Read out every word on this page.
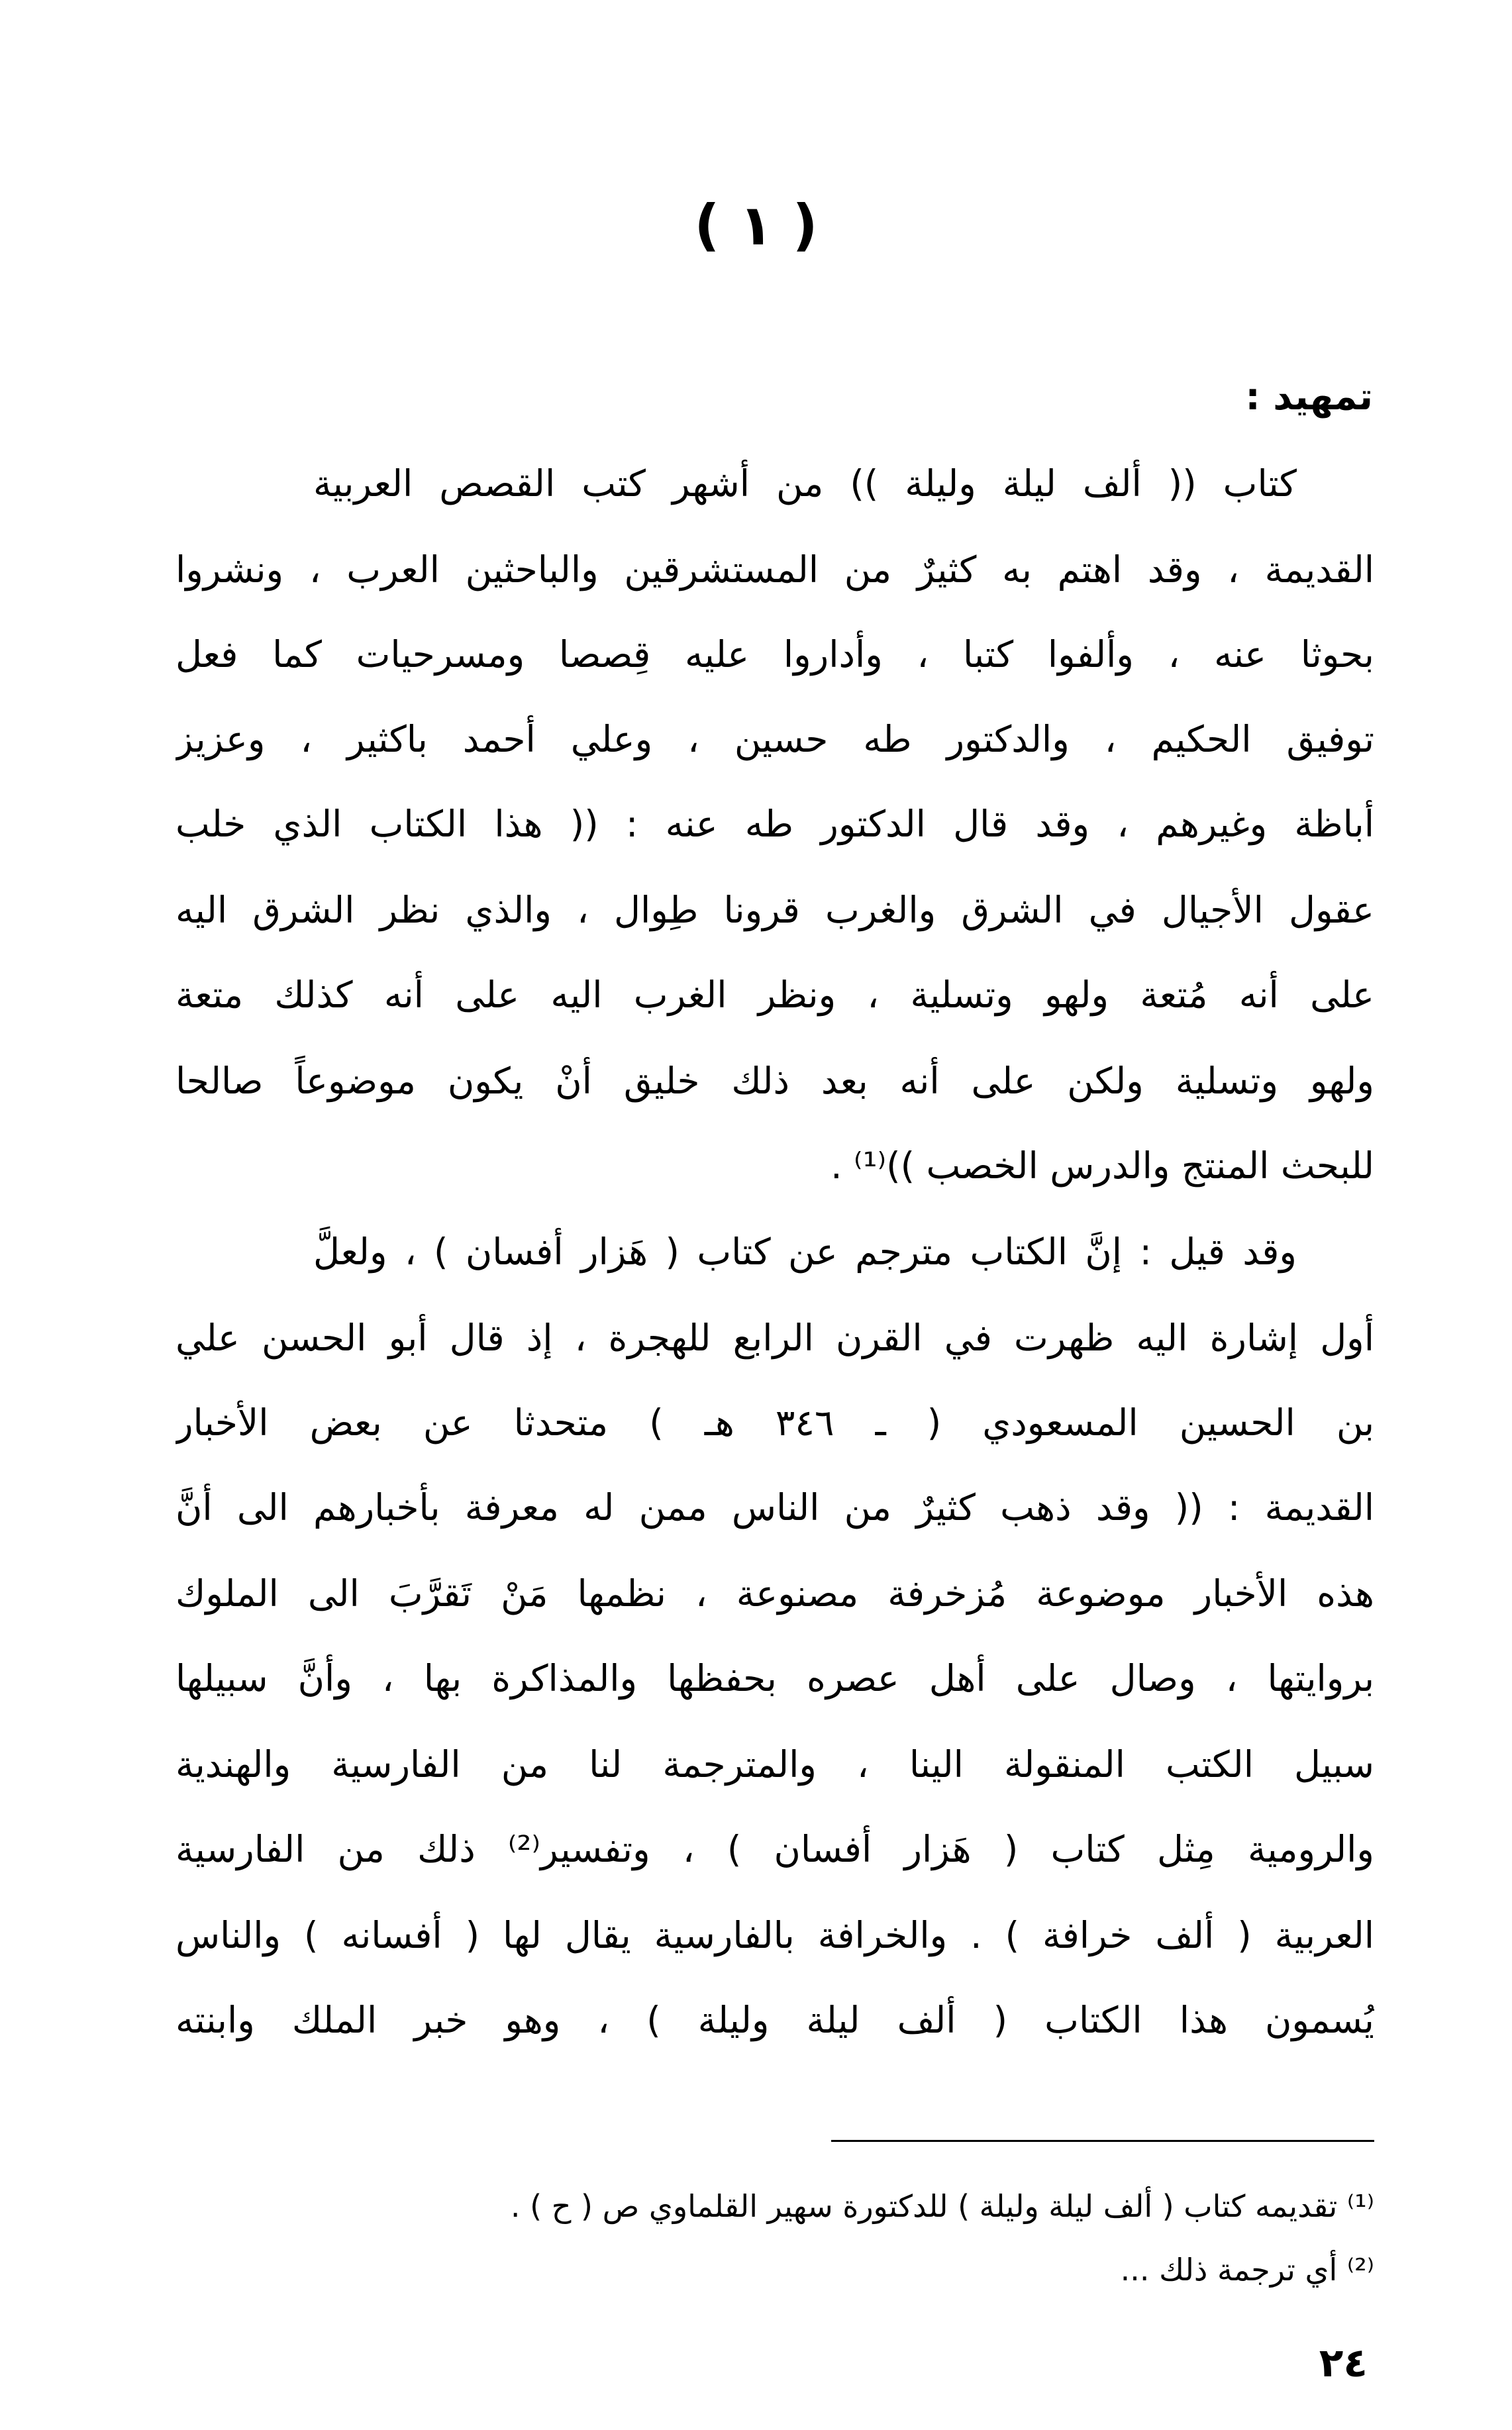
( ١ )
تمهيد :
كتاب (( ألف ليلة وليلة )) من أشهر كتب القصص العربية
القديمة ، وقد اهتم به كثيرٌ من المستشرقين والباحثين العرب ، ونشروا
بحوثا عنه ، وألفوا كتبا ، وأداروا عليه قِصصا ومسرحيات كما فعل
توفيق الحكيم ، والدكتور طه حسين ، وعلي أحمد باكثير ، وعزيز
أباظة وغيرهم ، وقد قال الدكتور طه عنه : (( هذا الكتاب الذي خلب
عقول الأجيال في الشرق والغرب قرونا طِوال ، والذي نظر الشرق اليه
على أنه مُتعة ولهو وتسلية ، ونظر الغرب اليه على أنه كذلك متعة
ولهو وتسلية ولكن على أنه بعد ذلك خليق أنْ يكون موضوعاً صالحا
للبحث المنتج والدرس الخصب ))⁽¹⁾ .
وقد قيل : إنَّ الكتاب مترجم عن كتاب ( هَزار أفسان ) ، ولعلَّ
أول إشارة اليه ظهرت في القرن الرابع للهجرة ، إذ قال أبو الحسن علي
بن الحسين المسعودي ( ـ ٣٤٦ هـ ) متحدثا عن بعض الأخبار
القديمة : (( وقد ذهب كثيرٌ من الناس ممن له معرفة بأخبارهم الى أنَّ
هذه الأخبار موضوعة مُزخرفة مصنوعة ، نظمها مَنْ تَقرَّبَ الى الملوك
بروايتها ، وصال على أهل عصره بحفظها والمذاكرة بها ، وأنَّ سبيلها
سبيل الكتب المنقولة الينا ، والمترجمة لنا من الفارسية والهندية
والرومية مِثل كتاب ( هَزار أفسان ) ، وتفسير⁽²⁾ ذلك من الفارسية
العربية ( ألف خرافة ) . والخرافة بالفارسية يقال لها ( أفسانه ) والناس
يُسمون هذا الكتاب ( ألف ليلة وليلة ) ، وهو خبر الملك وابنته
⁽¹⁾ تقديمه كتاب ( ألف ليلة وليلة ) للدكتورة سهير القلماوي ص ( ح ) .
⁽²⁾ أي ترجمة ذلك ...
٢٤
